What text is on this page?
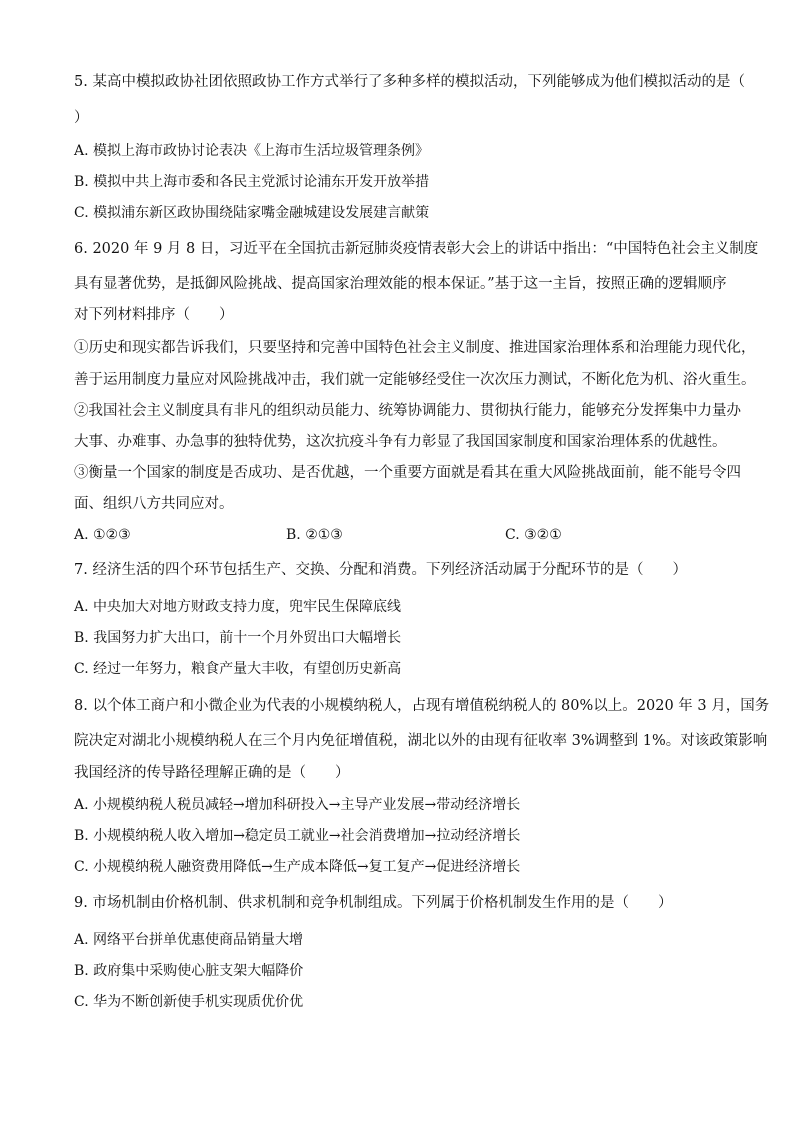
5. 某高中模拟政协社团依照政协工作方式举行了多种多样的模拟活动，下列能够成为他们模拟活动的是（
）
A. 模拟上海市政协讨论表决《上海市生活垃圾管理条例》
B. 模拟中共上海市委和各民主党派讨论浦东开发开放举措
C. 模拟浦东新区政协围绕陆家嘴金融城建设发展建言献策
6. 2020 年 9 月 8 日，习近平在全国抗击新冠肺炎疫情表彰大会上的讲话中指出：“中国特色社会主义制度
具有显著优势，是抵御风险挑战、提高国家治理效能的根本保证。”基于这一主旨，按照正确的逻辑顺序
对下列材料排序（　　）
①历史和现实都告诉我们，只要坚持和完善中国特色社会主义制度、推进国家治理体系和治理能力现代化，
善于运用制度力量应对风险挑战冲击，我们就一定能够经受住一次次压力测试，不断化危为机、浴火重生。
②我国社会主义制度具有非凡的组织动员能力、统筹协调能力、贯彻执行能力，能够充分发挥集中力量办
大事、办难事、办急事的独特优势，这次抗疫斗争有力彰显了我国国家制度和国家治理体系的优越性。
③衡量一个国家的制度是否成功、是否优越，一个重要方面就是看其在重大风险挑战面前，能不能号令四
面、组织八方共同应对。
A. ①②③	B. ②①③	C. ③②①
7. 经济生活的四个环节包括生产、交换、分配和消费。下列经济活动属于分配环节的是（　　）
A. 中央加大对地方财政支持力度，兜牢民生保障底线
B. 我国努力扩大出口，前十一个月外贸出口大幅增长
C. 经过一年努力，粮食产量大丰收，有望创历史新高
8. 以个体工商户和小微企业为代表的小规模纳税人，占现有增值税纳税人的 80%以上。2020 年 3 月，国务
院决定对湖北小规模纳税人在三个月内免征增值税，湖北以外的由现有征收率 3%调整到 1%。对该政策影响
我国经济的传导路径理解正确的是（　　）
A. 小规模纳税人税员减轻→增加科研投入→主导产业发展→带动经济增长
B. 小规模纳税人收入增加→稳定员工就业→社会消费增加→拉动经济增长
C. 小规模纳税人融资费用降低→生产成本降低→复工复产→促进经济增长
9. 市场机制由价格机制、供求机制和竞争机制组成。下列属于价格机制发生作用的是（　　）
A. 网络平台拼单优惠使商品销量大增
B. 政府集中采购使心脏支架大幅降价
C. 华为不断创新使手机实现质优价优
